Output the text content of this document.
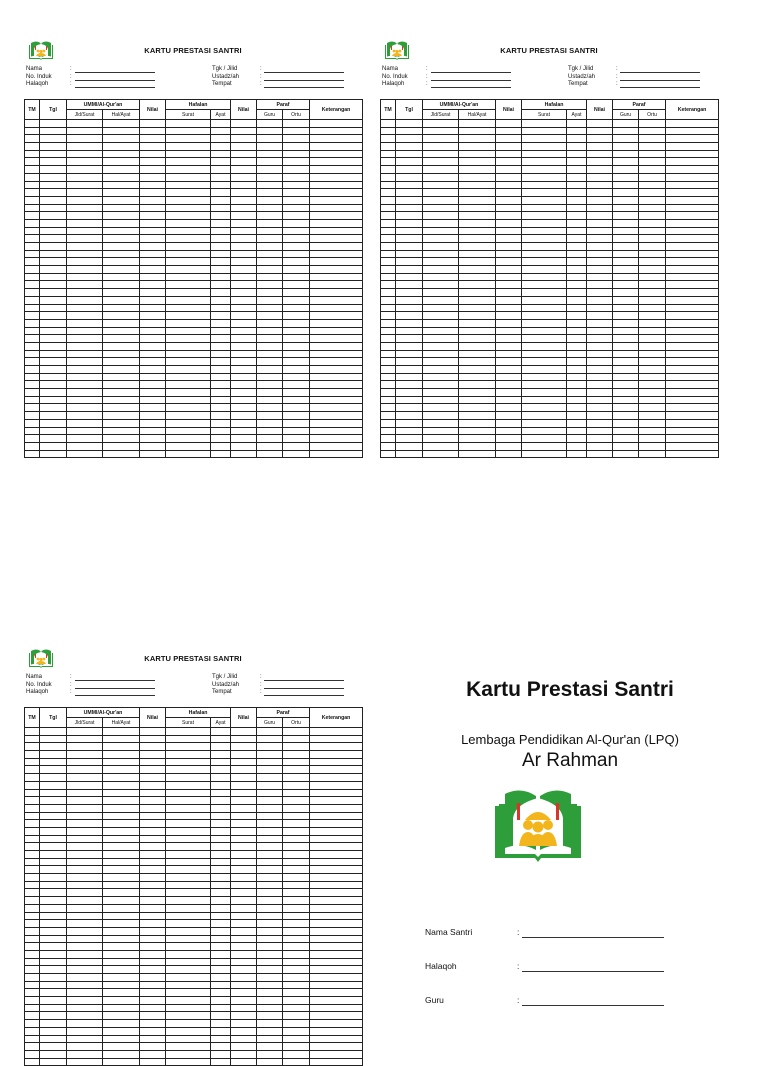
KARTU PRESTASI SANTRI
Nama	:	Tgk / Jilid	:
No. Induk	:	Ustadz/ah	:
Halaqoh	:	Tempat	:
TM	Tgl	UMMI/Al-Qur'an		Nilai	Hafalan		Nilai	Paraf		Keterangan
		Jld/Surat	Hal/Ayat		Surat	Ayat		Guru	Ortu	

KARTU PRESTASI SANTRI
Nama	:	Tgk / Jilid	:
No. Induk	:	Ustadz/ah	:
Halaqoh	:	Tempat	:
TM	Tgl	UMMI/Al-Qur'an		Nilai	Hafalan		Nilai	Paraf		Keterangan
		Jld/Surat	Hal/Ayat		Surat	Ayat		Guru	Ortu	

KARTU PRESTASI SANTRI
Nama	:	Tgk / Jilid	:
No. Induk	:	Ustadz/ah	:
Halaqoh	:	Tempat	:
TM	Tgl	UMMI/Al-Qur'an		Nilai	Hafalan		Nilai	Paraf		Keterangan
		Jld/Surat	Hal/Ayat		Surat	Ayat		Guru	Ortu	

Kartu Prestasi Santri
Lembaga Pendidikan Al-Qur'an (LPQ)
Ar Rahman
Nama Santri	:
Halaqoh	:
Guru	:
